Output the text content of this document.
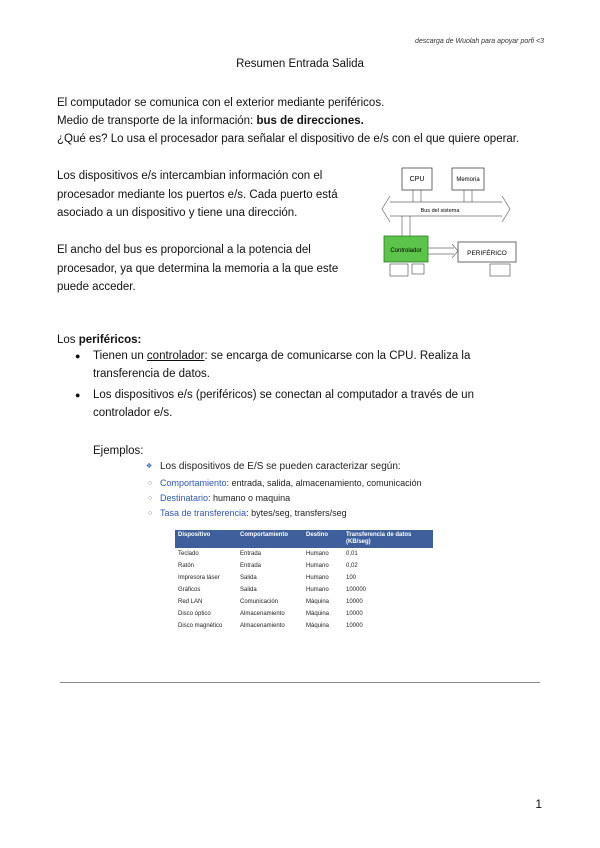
descarga de Wuolah para apoyar porfi <3
Resumen Entrada Salida
El computador se comunica con el exterior mediante periféricos.
Medio de transporte de la información: bus de direcciones.
¿Qué es? Lo usa el procesador para señalar el dispositivo de e/s con el que quiere operar.
Los dispositivos e/s intercambian información con el procesador mediante los puertos e/s. Cada puerto está asociado a un dispositivo y tiene una dirección.
El ancho del bus es proporcional a la potencia del procesador, ya que determina la memoria a la que este puede acceder.
CPU	Memoria
Bus del sistema
Controlador	PERIFÉRICO
Los periféricos:
● Tienen un controlador: se encarga de comunicarse con la CPU. Realiza la transferencia de datos.
● Los dispositivos e/s (periféricos) se conectan al computador a través de un controlador e/s.
Ejemplos:
❖ Los dispositivos de E/S se pueden caracterizar según:
○ Comportamiento: entrada, salida, almacenamiento, comunicación
○ Destinatario: humano o maquina
○ Tasa de transferencia: bytes/seg, transfers/seg
Dispositivo	Comportamiento	Destino	Transferencia de datos (KB/seg)
Teclado	Entrada	Humano	0,01
Ratón	Entrada	Humano	0,02
Impresora láser	Salida	Humano	100
Gráficos	Salida	Humano	100000
Red LAN	Comunicación	Máquina	10000
Disco óptico	Almacenamiento	Máquina	10000
Disco magnético	Almacenamiento	Máquina	10000
1
